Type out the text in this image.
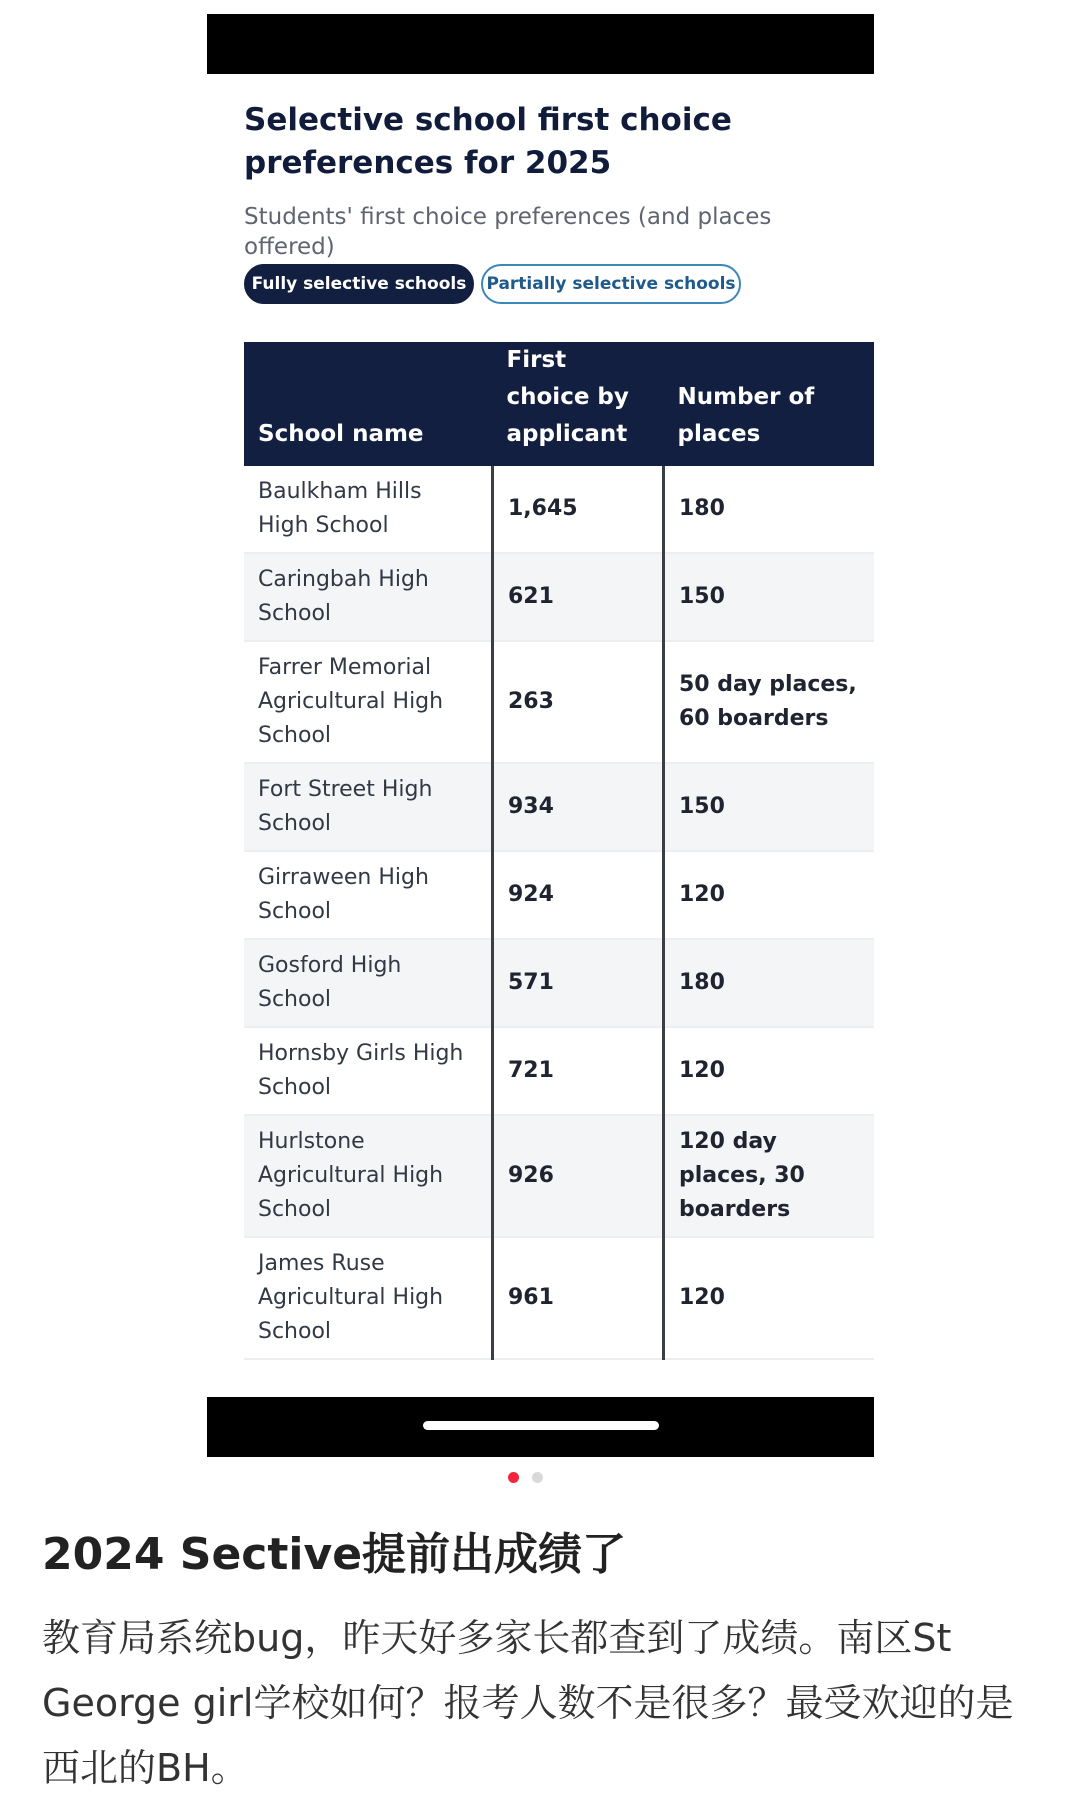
Selective school first choice preferences for 2025

Students' first choice preferences (and places offered)

Fully selective schools	Partially selective schools
School name	First choice by applicant	Number of places
Baulkham Hills High School	1,645	180
Caringbah High School	621	150
Farrer Memorial Agricultural High School	263	50 day places, 60 boarders
Fort Street High School	934	150
Girraween High School	924	120
Gosford High School	571	180
Hornsby Girls High School	721	120
Hurlstone Agricultural High School	926	120 day places, 30 boarders
James Ruse Agricultural High School	961	120

2024 Sective提前出成绩了

教育局系统bug，昨天好多家长都查到了成绩。南区St George girl学校如何？报考人数不是很多？最受欢迎的是西北的BH。
